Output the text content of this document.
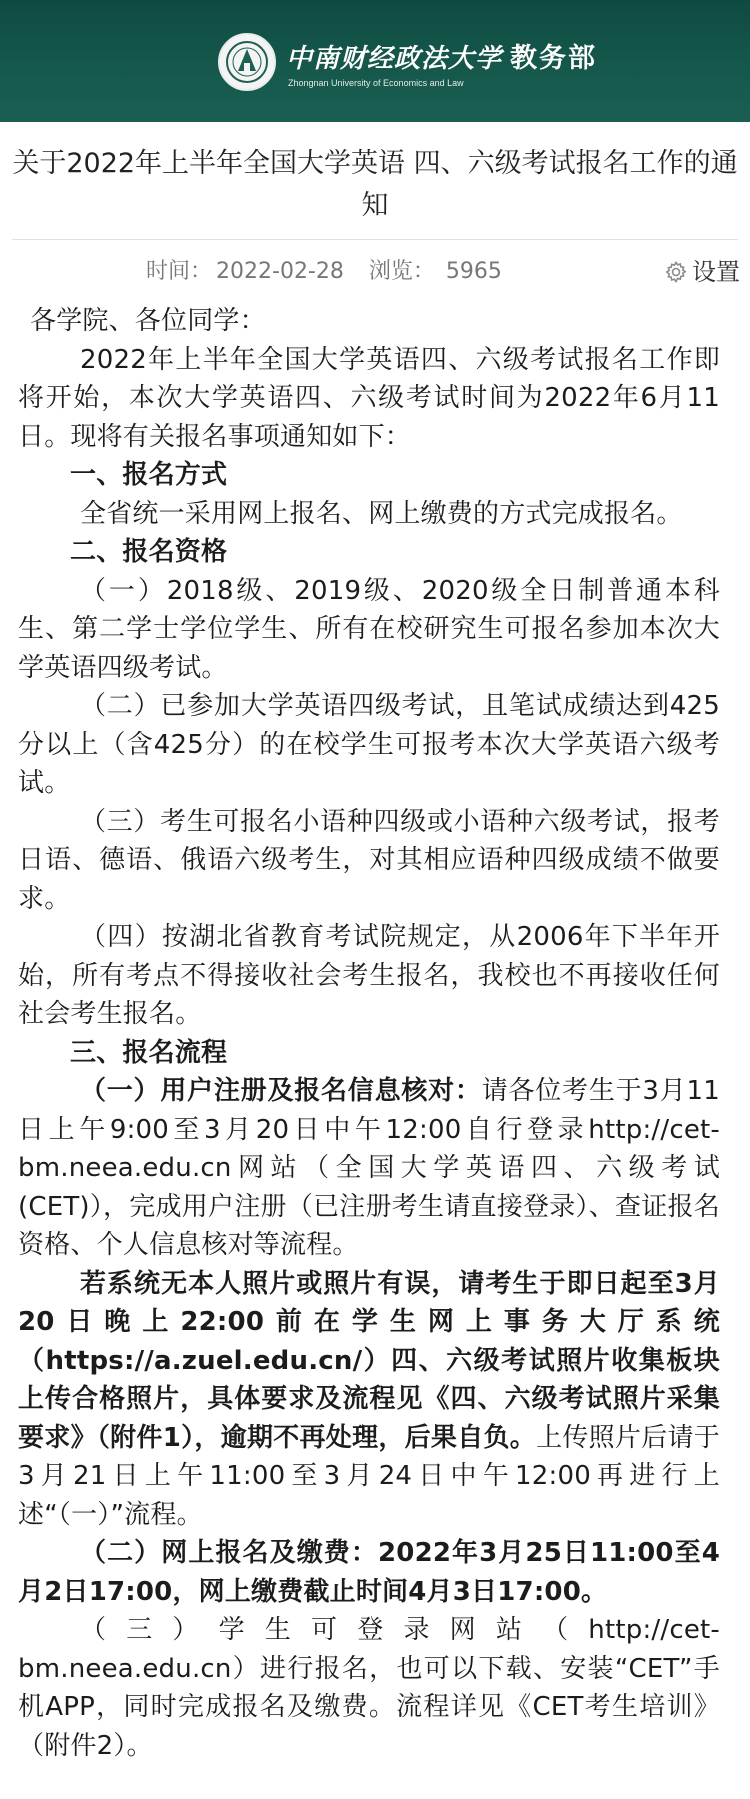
中南财经政法大学 教务部
Zhongnan University of Economics and Law
关于2022年上半年全国大学英语 四、六级考试报名工作的通知
时间： 2022-02-28 浏览： 5965	设置

各学院、各位同学：

2022年上半年全国大学英语四、六级考试报名工作即将开始，本次大学英语四、六级考试时间为2022年6月11日。现将有关报名事项通知如下：

一、报名方式

全省统一采用网上报名、网上缴费的方式完成报名。

二、报名资格

（一）2018级、2019级、2020级全日制普通本科生、第二学士学位学生、所有在校研究生可报名参加本次大学英语四级考试。

（二）已参加大学英语四级考试，且笔试成绩达到425分以上（含425分）的在校学生可报考本次大学英语六级考试。

（三）考生可报名小语种四级或小语种六级考试，报考日语、德语、俄语六级考生，对其相应语种四级成绩不做要求。

（四）按湖北省教育考试院规定，从2006年下半年开始，所有考点不得接收社会考生报名，我校也不再接收任何社会考生报名。

三、报名流程

（一）用户注册及报名信息核对：请各位考生于3月11日上午9:00至3月20日中午12:00自行登录http://cet-bm.neea.edu.cn网站（全国大学英语四、六级考试(CET)），完成用户注册（已注册考生请直接登录）、查证报名资格、个人信息核对等流程。

若系统无本人照片或照片有误，请考生于即日起至3月20日晚上22:00前在学生网上事务大厅系统（https://a.zuel.edu.cn/）四、六级考试照片收集板块上传合格照片，具体要求及流程见《四、六级考试照片采集要求》（附件1），逾期不再处理，后果自负。上传照片后请于3月21日上午11:00至3月24日中午12:00再进行上述“（一）”流程。

（二）网上报名及缴费：2022年3月25日11:00至4月2日17:00，网上缴费截止时间4月3日17:00。

（三）学生可登录网站（http://cet-bm.neea.edu.cn）进行报名，也可以下载、安装“CET”手机APP，同时完成报名及缴费。流程详见《CET考生培训》（附件2）。
